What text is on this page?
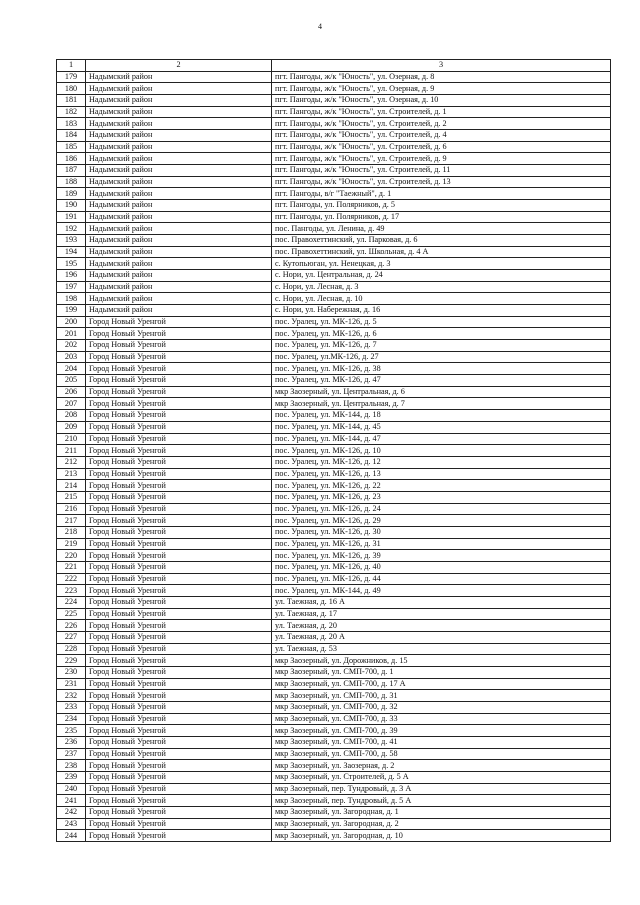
4
1	2	3
179	Надымский район	пгт. Пангоды, ж/к "Юность", ул. Озерная, д. 8
180	Надымский район	пгт. Пангоды, ж/к "Юность", ул. Озерная, д. 9
181	Надымский район	пгт. Пангоды, ж/к "Юность", ул. Озерная, д. 10
182	Надымский район	пгт. Пангоды, ж/к "Юность", ул. Строителей, д. 1
183	Надымский район	пгт. Пангоды, ж/к "Юность", ул. Строителей, д. 2
184	Надымский район	пгт. Пангоды, ж/к "Юность", ул. Строителей, д. 4
185	Надымский район	пгт. Пангоды, ж/к "Юность", ул. Строителей, д. 6
186	Надымский район	пгт. Пангоды, ж/к "Юность", ул. Строителей, д. 9
187	Надымский район	пгт. Пангоды, ж/к "Юность", ул. Строителей, д. 11
188	Надымский район	пгт. Пангоды, ж/к "Юность", ул. Строителей, д. 13
189	Надымский район	пгт. Пангоды, в/г "Таежный", д. 1
190	Надымский район	пгт. Пангоды, ул. Полярников, д. 5
191	Надымский район	пгт. Пангоды, ул. Полярников, д. 17
192	Надымский район	пос. Пангоды, ул. Ленина, д. 49
193	Надымский район	пос. Правохеттинский, ул. Парковая, д. 6
194	Надымский район	пос. Правохеттинский, ул. Школьная, д. 4 А
195	Надымский район	с. Кутопьюган, ул. Ненецкая, д. 3
196	Надымский район	с. Нори, ул. Центральная, д. 24
197	Надымский район	с. Нори, ул. Лесная, д. 3
198	Надымский район	с. Нори, ул. Лесная, д. 10
199	Надымский район	с. Нори, ул. Набережная, д. 16
200	Город Новый Уренгой	пос. Уралец, ул. МК-126, д. 5
201	Город Новый Уренгой	пос. Уралец, ул. МК-126, д. 6
202	Город Новый Уренгой	пос. Уралец, ул. МК-126, д. 7
203	Город Новый Уренгой	пос. Уралец, ул.МК-126, д. 27
204	Город Новый Уренгой	пос. Уралец, ул. МК-126, д. 38
205	Город Новый Уренгой	пос. Уралец, ул. МК-126, д. 47
206	Город Новый Уренгой	мкр Заозерный, ул. Центральная, д. 6
207	Город Новый Уренгой	мкр Заозерный, ул. Центральная, д. 7
208	Город Новый Уренгой	пос. Уралец, ул. МК-144, д. 18
209	Город Новый Уренгой	пос. Уралец, ул. МК-144, д. 45
210	Город Новый Уренгой	пос. Уралец, ул. МК-144, д. 47
211	Город Новый Уренгой	пос. Уралец, ул. МК-126, д. 10
212	Город Новый Уренгой	пос. Уралец, ул. МК-126, д. 12
213	Город Новый Уренгой	пос. Уралец, ул. МК-126, д. 13
214	Город Новый Уренгой	пос. Уралец, ул. МК-126, д. 22
215	Город Новый Уренгой	пос. Уралец, ул. МК-126, д. 23
216	Город Новый Уренгой	пос. Уралец, ул. МК-126, д. 24
217	Город Новый Уренгой	пос. Уралец, ул. МК-126, д. 29
218	Город Новый Уренгой	пос. Уралец, ул. МК-126, д. 30
219	Город Новый Уренгой	пос. Уралец, ул. МК-126, д. 31
220	Город Новый Уренгой	пос. Уралец, ул. МК-126, д. 39
221	Город Новый Уренгой	пос. Уралец, ул. МК-126, д. 40
222	Город Новый Уренгой	пос. Уралец, ул. МК-126, д. 44
223	Город Новый Уренгой	пос. Уралец, ул. МК-144, д. 49
224	Город Новый Уренгой	ул. Таежная, д. 16 А
225	Город Новый Уренгой	ул. Таежная, д. 17
226	Город Новый Уренгой	ул. Таежная, д. 20
227	Город Новый Уренгой	ул. Таежная, д. 20 А
228	Город Новый Уренгой	ул. Таежная, д. 53
229	Город Новый Уренгой	мкр Заозерный, ул. Дорожников, д. 15
230	Город Новый Уренгой	мкр Заозерный, ул. СМП-700, д. 1
231	Город Новый Уренгой	мкр Заозерный, ул. СМП-700, д. 17 А
232	Город Новый Уренгой	мкр Заозерный, ул. СМП-700, д. 31
233	Город Новый Уренгой	мкр Заозерный, ул. СМП-700, д. 32
234	Город Новый Уренгой	мкр Заозерный, ул. СМП-700, д. 33
235	Город Новый Уренгой	мкр Заозерный, ул. СМП-700, д. 39
236	Город Новый Уренгой	мкр Заозерный, ул. СМП-700, д. 41
237	Город Новый Уренгой	мкр Заозерный, ул. СМП-700, д. 58
238	Город Новый Уренгой	мкр Заозерный, ул. Заозерная, д. 2
239	Город Новый Уренгой	мкр Заозерный, ул. Строителей, д. 5 А
240	Город Новый Уренгой	мкр Заозерный, пер. Тундровый, д. 3 А
241	Город Новый Уренгой	мкр Заозерный, пер. Тундровый, д. 5 А
242	Город Новый Уренгой	мкр Заозерный, ул. Загородная, д. 1
243	Город Новый Уренгой	мкр Заозерный, ул. Загородная, д. 2
244	Город Новый Уренгой	мкр Заозерный, ул. Загородная, д. 10
